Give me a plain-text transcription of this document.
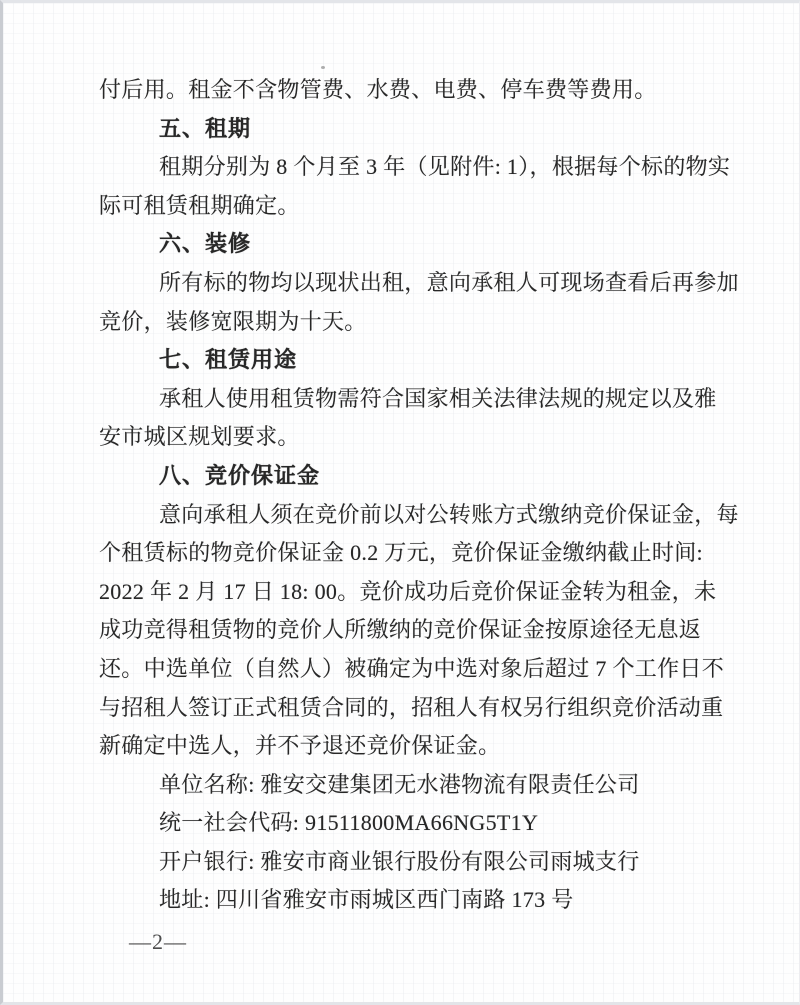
付后用。租金不含物管费、水费、电费、停车费等费用。
五、租期
租期分别为 8 个月至 3 年（见附件: 1），根据每个标的物实
际可租赁租期确定。
六、装修
所有标的物均以现状出租，意向承租人可现场查看后再参加
竞价，装修宽限期为十天。
七、租赁用途
承租人使用租赁物需符合国家相关法律法规的规定以及雅
安市城区规划要求。
八、竞价保证金
意向承租人须在竞价前以对公转账方式缴纳竞价保证金，每
个租赁标的物竞价保证金 0.2 万元，竞价保证金缴纳截止时间:
2022 年 2 月 17 日 18: 00。竞价成功后竞价保证金转为租金，未
成功竞得租赁物的竞价人所缴纳的竞价保证金按原途径无息返
还。中选单位（自然人）被确定为中选对象后超过 7 个工作日不
与招租人签订正式租赁合同的，招租人有权另行组织竞价活动重
新确定中选人，并不予退还竞价保证金。
单位名称: 雅安交建集团无水港物流有限责任公司
统一社会代码: 91511800MA66NG5T1Y
开户银行: 雅安市商业银行股份有限公司雨城支行
地址: 四川省雅安市雨城区西门南路 173 号
—2—
